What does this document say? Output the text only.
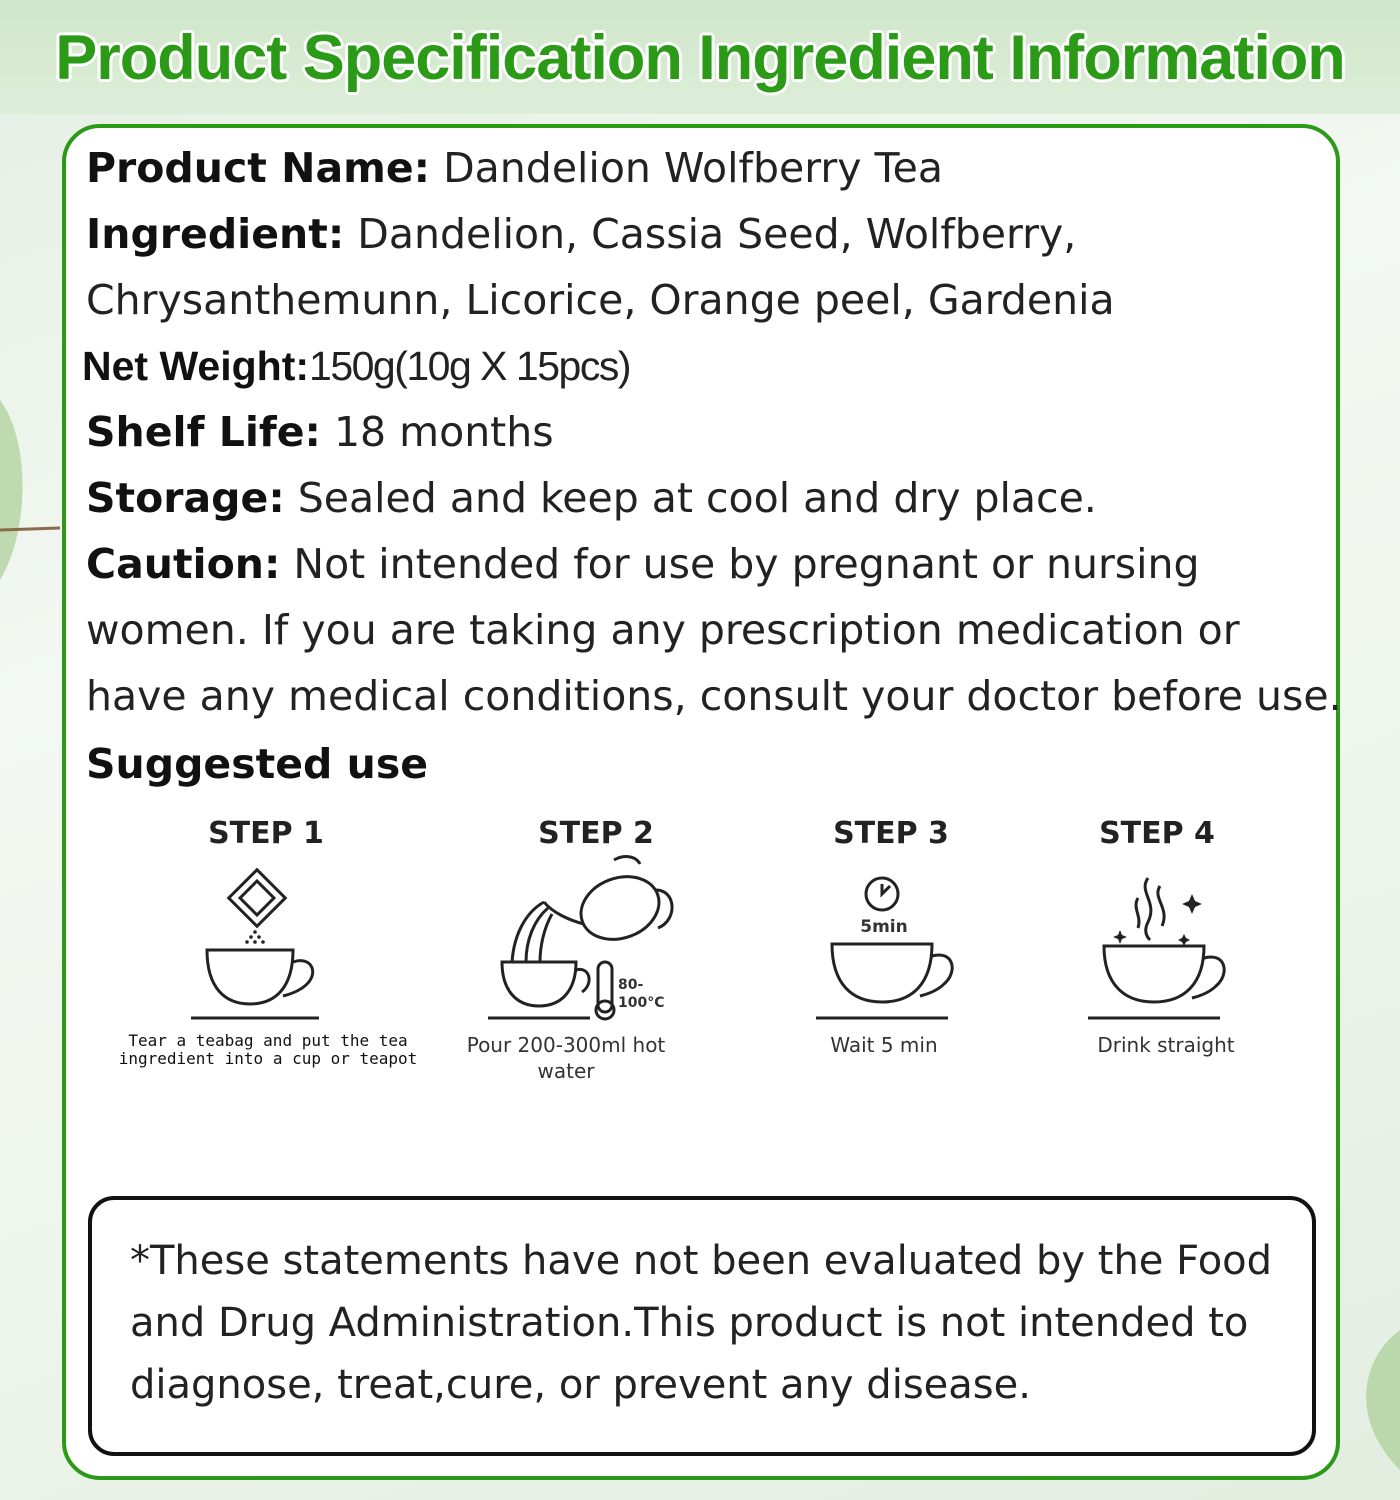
Product Specification Ingredient Information
Product Name: Dandelion Wolfberry Tea
Ingredient: Dandelion, Cassia Seed, Wolfberry,
Chrysanthemunn, Licorice, Orange peel, Gardenia
Net Weight:150g(10g X 15pcs)
Shelf Life: 18 months
Storage: Sealed and keep at cool and dry place.
Caution: Not intended for use by pregnant or nursing
women. If you are taking any prescription medication or
have any medical conditions, consult your doctor before use.
Suggested use
STEP 1
Tear a teabag and put the tea
ingredient into a cup or teapot
STEP 2
80-100°C
Pour 200-300ml hot
water
STEP 3
5min
Wait 5 min
STEP 4
Drink straight
*These statements have not been evaluated by the Food
and Drug Administration.This product is not intended to
diagnose, treat,cure, or prevent any disease.
